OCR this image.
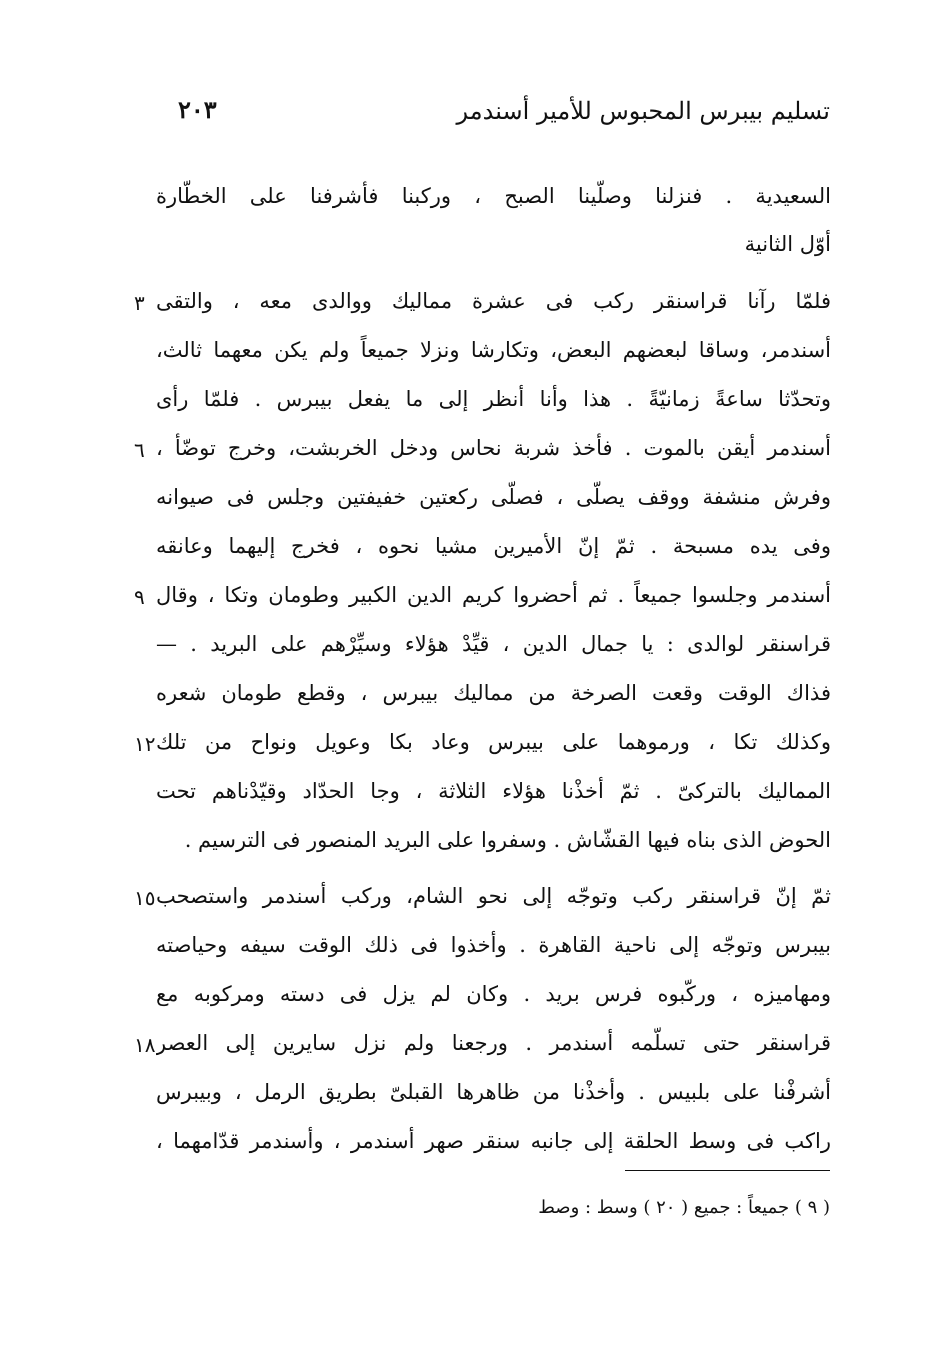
٢٠٣	تسليم بيبرس المحبوس للأمير أسندمر
السعيدية . فنزلنا وصلّينا الصبح ، وركبنا فأشرفنا على الخطّارة
أوّل الثانية
فلمّا رآنا قراسنقر ركب فى عشرة مماليك ووالدى معه ، والتقى
٣
أسندمر، وساقا لبعضهم البعض، وتكارشا ونزلا جميعاً ولم يكن معهما ثالث،
وتحدّثا ساعةً زمانيّةً . هذا وأنا أنظر إلى ما يفعل بيبرس . فلمّا رأى
أسندمر أيقن بالموت . فأخذ شربة نحاس ودخل الخربشت، وخرج توضّأ ،
٦
وفرش منشفة ووقف يصلّى ، فصلّى ركعتين خفيفتين وجلس فى صيوانه
وفى يده مسبحة . ثمّ إنّ الأميرين مشيا نحوه ، فخرج إليهما وعانقه
أسندمر وجلسوا جميعاً . ثم أحضروا كريم الدين الكبير وطومان وتكا ، وقال
٩
قراسنقر لوالدى : يا جمال الدين ، قيِّدْ هؤلاء وسيِّرْهم على البريد . —
فذاك الوقت وقعت الصرخة من مماليك بيبرس ، وقطع طومان شعره
وكذلك تكا ، ورموهما على بيبرس وعاد بكا وعويل ونواح من تلك
١٢
المماليك بالتركىّ . ثمّ أخذْنا هؤلاء الثلاثة ، وجا الحدّاد وقيّدْناهم تحت
الحوض الذى بناه فيها القشّاش . وسفروا على البريد المنصور فى الترسيم .
ثمّ إنّ قراسنقر ركب وتوجّه إلى نحو الشام، وركب أسندمر واستصحب
١٥
بيبرس وتوجّه إلى ناحية القاهرة . وأخذوا فى ذلك الوقت سيفه وحياصته
ومهاميزه ، وركّبوه فرس بريد . وكان لم يزل فى دسته ومركوبه مع
قراسنقر حتى تسلّمه أسندمر . ورجعنا ولم نزل سايرين إلى العصر
١٨
أشرفْنا على بلبيس . وأخذْنا من ظاهرها القبلىّ بطريق الرمل ، وبيبرس
راكب فى وسط الحلقة إلى جانبه سنقر صهر أسندمر ، وأسندمر قدّامهما ،
( ٩ ) جميعاً : جميع ( ٢٠ ) وسط : وصط
